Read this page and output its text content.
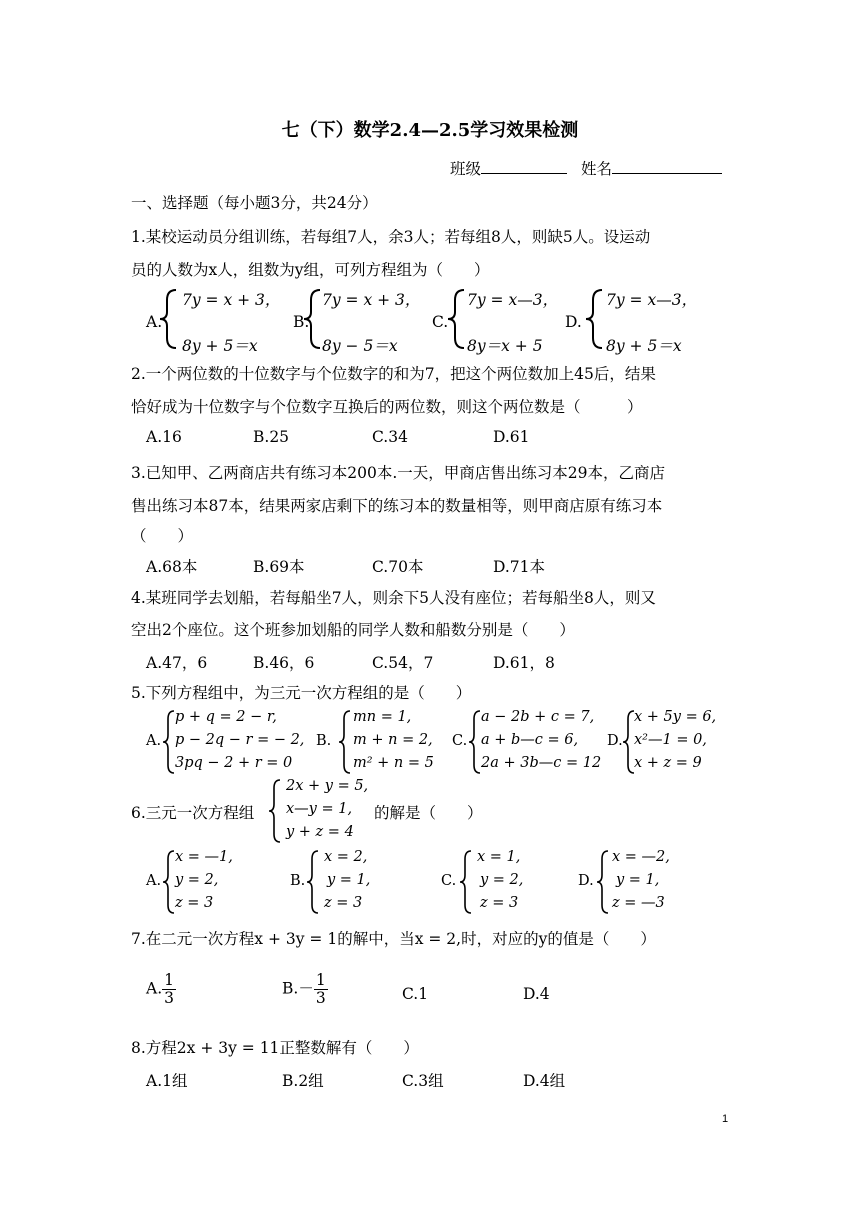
七（下）数学2.4—2.5学习效果检测
班级	姓名
一、选择题（每小题3分，共24分）
1.某校运动员分组训练，若每组7人，余3人；若每组8人，则缺5人。设运动
员的人数为x人，组数为y组，可列方程组为（　　）
A.
7y = x + 3，
8y + 5＝x
B.
7y = x + 3，
8y − 5＝x
C.
7y = x—3，
8y＝x + 5
D.
7y = x—3，
8y + 5＝x
2.一个两位数的十位数字与个位数字的和为7，把这个两位数加上45后，结果
恰好成为十位数字与个位数字互换后的两位数，则这个两位数是（　　　）
A.16	B.25	C.34	D.61
3.已知甲、乙两商店共有练习本200本.一天，甲商店售出练习本29本，乙商店
售出练习本87本，结果两家店剩下的练习本的数量相等，则甲商店原有练习本
（　　）
A.68本	B.69本	C.70本	D.71本
4.某班同学去划船，若每船坐7人，则余下5人没有座位；若每船坐8人，则又
空出2个座位。这个班参加划船的同学人数和船数分别是（　　）
A.47，6	B.46，6	C.54，7	D.61，8
5.下列方程组中，为三元一次方程组的是（　　）
A.
p + q = 2 − r,
p − 2q − r = − 2,
3pq − 2 + r = 0
B.
mn = 1,
m + n = 2,
m² + n = 5
C.
a − 2b + c = 7,
a + b—c = 6,
2a + 3b—c = 12
D.
x + 5y = 6,
x²—1 = 0,
x + z = 9
6.三元一次方程组
2x + y = 5,
x—y = 1,
y + z = 4
的解是（　　）
A.
x = —1,
y = 2,
z = 3
B.
x = 2,
y = 1,
z = 3
C.
x = 1,
y = 2,
z = 3
D.
x = —2,
y = 1,
z = —3
7.在二元一次方程x + 3y = 1的解中，当x = 2,时，对应的y的值是（　　）
A. $\frac{1}{3}$	$B.- \frac{1}{3}$	C.1	D.4
8.方程2x + 3y = 11正整数解有（　　）
A.1组	B.2组	C.3组	D.4组
1
